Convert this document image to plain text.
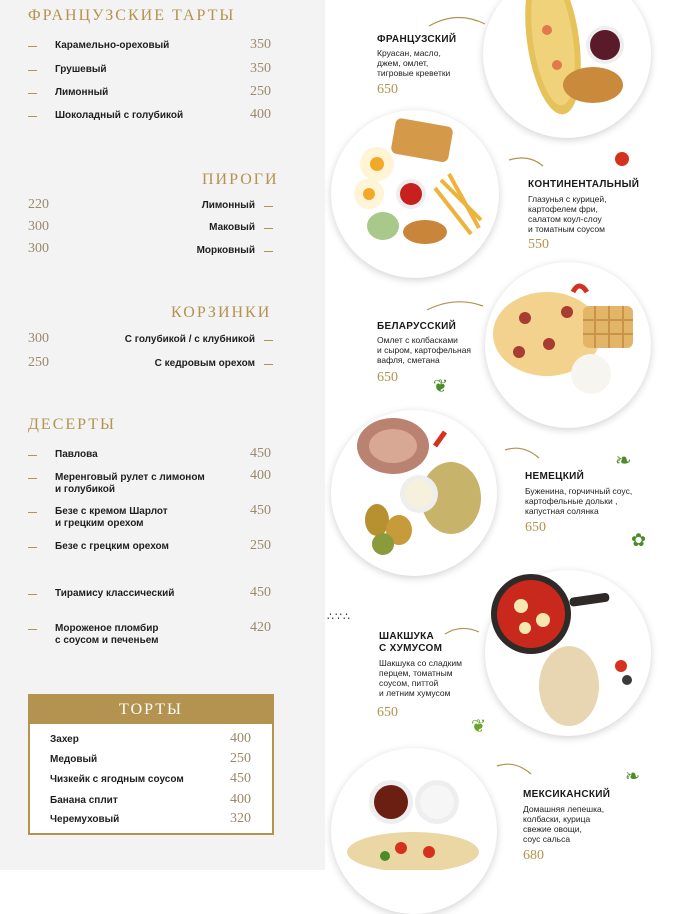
ФРАНЦУЗСКИЕ ТАРТЫ
Карамельно-ореховый	350
Грушевый	350
Лимонный	250
Шоколадный с голубикой	400
ПИРОГИ
220	Лимонный
300	Маковый
300	Морковный
КОРЗИНКИ
300	С голубикой / с клубникой
250	С кедровым орехом
ДЕСЕРТЫ
Павлова	450
Меренговый рулет с лимоном
и голубикой
400
Безе с кремом Шарлот
и грецким орехом
450
Безе с грецким орехом	250
Тирамису классический	450
Мороженое пломбир
с соусом и печеньем
420
ТОРТЫ
Захер	400
Медовый	250
Чизкейк с ягодным соусом	450
Банана сплит	400
Черемуховый	320
ФРАНЦУЗСКИЙ
Круасан, масло,
джем, омлет,
тигровые креветки
650
КОНТИНЕНТАЛЬНЫЙ
Глазунья с курицей,
картофелем фри,
салатом коул-слоу
и томатным соусом
550
БЕЛАРУССКИЙ
Омлет с колбасками
и сыром, картофельная
вафля, сметана
650 ❦
НЕМЕЦКИЙ
Буженина, горчичный соус,
картофельные дольки ,
капустная солянка
650
❧
✿
ШАКШУКА
С ХУМУСОМ
Шакшука со сладким
перцем, томатным
соусом, питтой
и летним хумусом
650
❦
∴∵∴
МЕКСИКАНСКИЙ
Домашняя лепешка,
колбаски, курица
свежие овощи,
соус сальса
680
❧
